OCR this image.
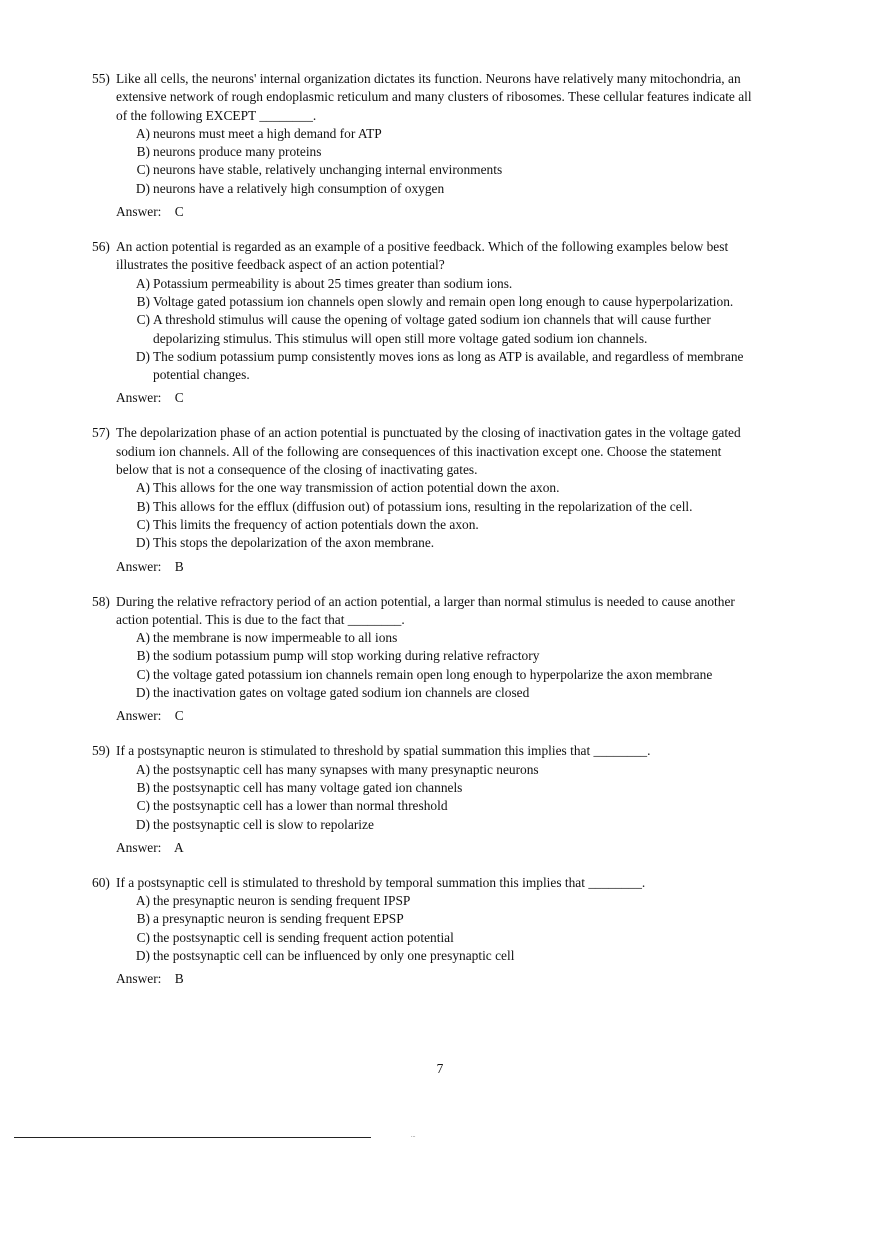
55) Like all cells, the neurons' internal organization dictates its function. Neurons have relatively many mitochondria, an extensive network of rough endoplasmic reticulum and many clusters of ribosomes. These cellular features indicate all of the following EXCEPT ________.
A) neurons must meet a high demand for ATP
B) neurons produce many proteins
C) neurons have stable, relatively unchanging internal environments
D) neurons have a relatively high consumption of oxygen
Answer: C
56) An action potential is regarded as an example of a positive feedback. Which of the following examples below best illustrates the positive feedback aspect of an action potential?
A) Potassium permeability is about 25 times greater than sodium ions.
B) Voltage gated potassium ion channels open slowly and remain open long enough to cause hyperpolarization.
C) A threshold stimulus will cause the opening of voltage gated sodium ion channels that will cause further depolarizing stimulus. This stimulus will open still more voltage gated sodium ion channels.
D) The sodium potassium pump consistently moves ions as long as ATP is available, and regardless of membrane potential changes.
Answer: C
57) The depolarization phase of an action potential is punctuated by the closing of inactivation gates in the voltage gated sodium ion channels. All of the following are consequences of this inactivation except one. Choose the statement below that is not a consequence of the closing of inactivating gates.
A) This allows for the one way transmission of action potential down the axon.
B) This allows for the efflux (diffusion out) of potassium ions, resulting in the repolarization of the cell.
C) This limits the frequency of action potentials down the axon.
D) This stops the depolarization of the axon membrane.
Answer: B
58) During the relative refractory period of an action potential, a larger than normal stimulus is needed to cause another action potential. This is due to the fact that ________.
A) the membrane is now impermeable to all ions
B) the sodium potassium pump will stop working during relative refractory
C) the voltage gated potassium ion channels remain open long enough to hyperpolarize the axon membrane
D) the inactivation gates on voltage gated sodium ion channels are closed
Answer: C
59) If a postsynaptic neuron is stimulated to threshold by spatial summation this implies that ________.
A) the postsynaptic cell has many synapses with many presynaptic neurons
B) the postsynaptic cell has many voltage gated ion channels
C) the postsynaptic cell has a lower than normal threshold
D) the postsynaptic cell is slow to repolarize
Answer: A
60) If a postsynaptic cell is stimulated to threshold by temporal summation this implies that ________.
A) the presynaptic neuron is sending frequent IPSP
B) a presynaptic neuron is sending frequent EPSP
C) the postsynaptic cell is sending frequent action potential
D) the postsynaptic cell can be influenced by only one presynaptic cell
Answer: B
7
...
